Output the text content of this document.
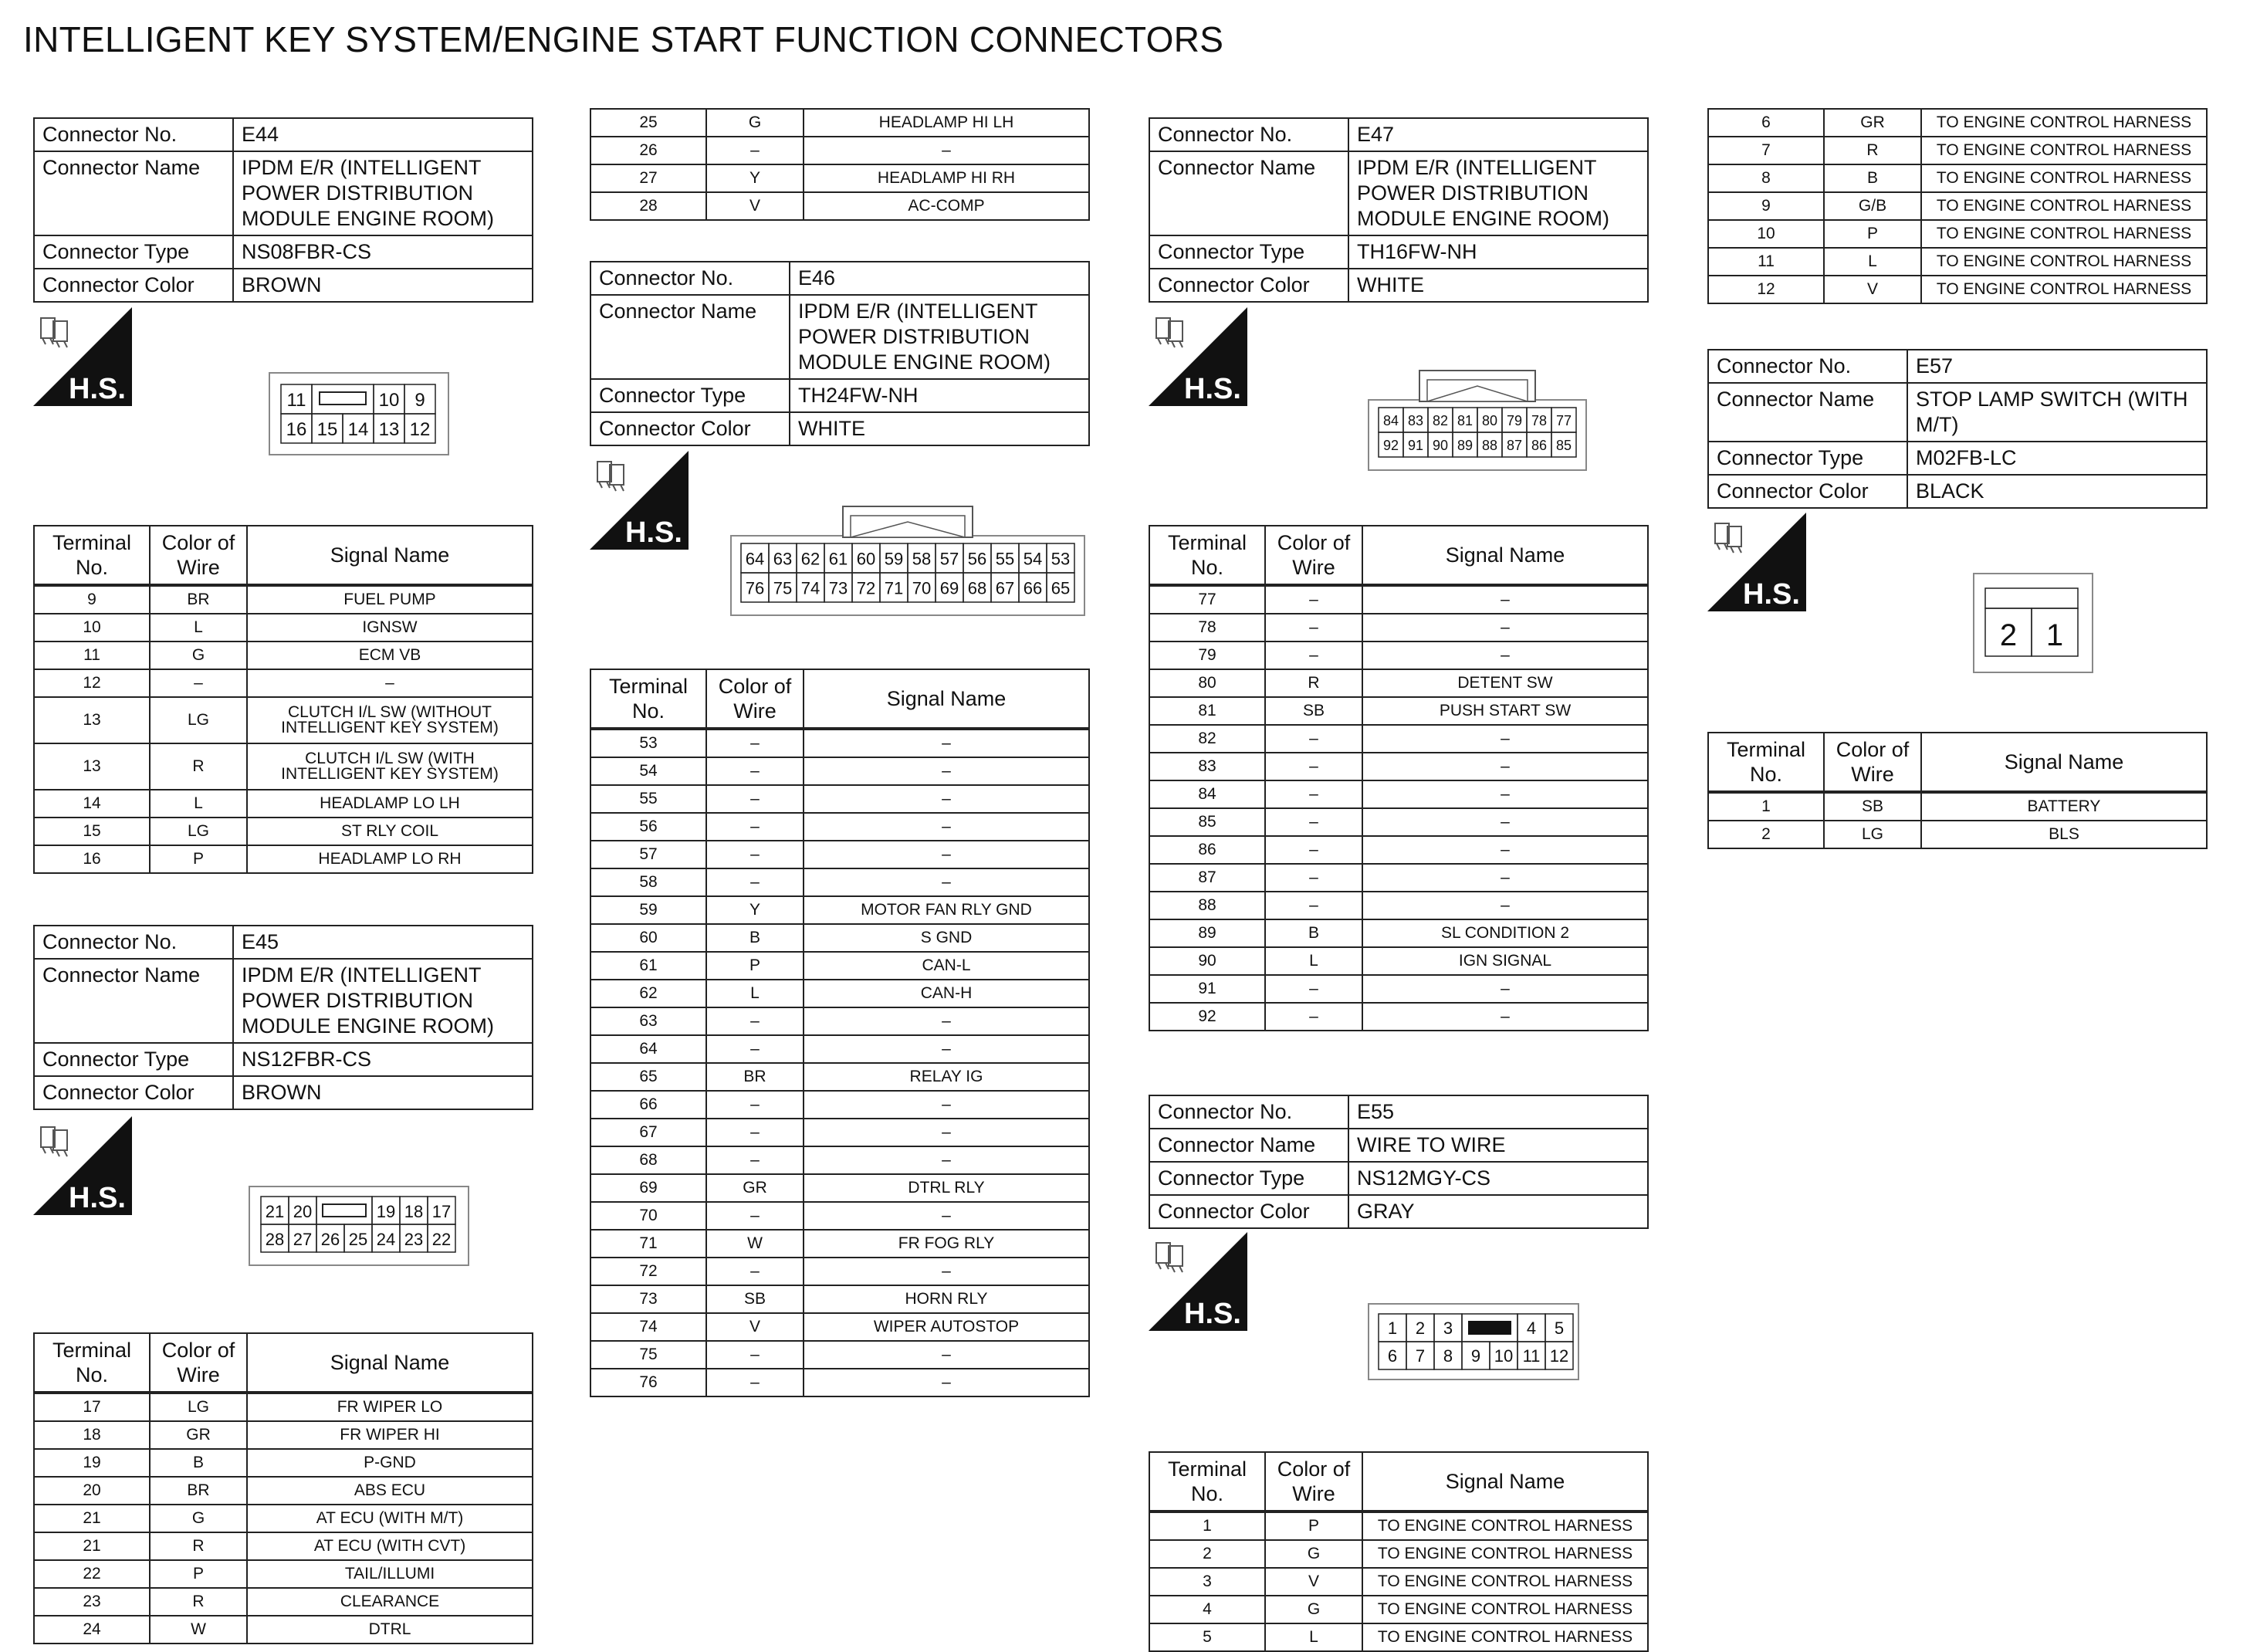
INTELLIGENT KEY SYSTEM/ENGINE START FUNCTION CONNECTORS
Connector No.	E44
Connector Name	IPDM E/R (INTELLIGENT POWER DISTRIBUTION MODULE ENGINE ROOM)
Connector Type	NS08FBR-CS
Connector Color	BROWN
H.S.	11	10 9
16 15 14 13 12
Terminal No.	Color of Wire	Signal Name
9	BR	FUEL PUMP
10	L	IGNSW
11	G	ECM VB
12	–	–
13	LG	CLUTCH I/L SW (WITHOUT INTELLIGENT KEY SYSTEM)
13	R	CLUTCH I/L SW (WITH INTELLIGENT KEY SYSTEM)
14	L	HEADLAMP LO LH
15	LG	ST RLY COIL
16	P	HEADLAMP LO RH
Connector No.	E45
Connector Name	IPDM E/R (INTELLIGENT POWER DISTRIBUTION MODULE ENGINE ROOM)
Connector Type	NS12FBR-CS
Connector Color	BROWN
H.S.	21 20	19 18 17
28 27 26 25 24 23 22
Terminal No.	Color of Wire	Signal Name
17	LG	FR WIPER LO
18	GR	FR WIPER HI
19	B	P-GND
20	BR	ABS ECU
21	G	AT ECU (WITH M/T)
21	R	AT ECU (WITH CVT)
22	P	TAIL/ILLUMI
23	R	CLEARANCE
24	W	DTRL
25	G	HEADLAMP HI LH
26	–	–
27	Y	HEADLAMP HI RH
28	V	AC-COMP
Connector No.	E46
Connector Name	IPDM E/R (INTELLIGENT POWER DISTRIBUTION MODULE ENGINE ROOM)
Connector Type	TH24FW-NH
Connector Color	WHITE
H.S.
64 63 62 61 60 59 58 57 56 55 54 53
76 75 74 73 72 71 70 69 68 67 66 65
Terminal No.	Color of Wire	Signal Name
53	–	–
54	–	–
55	–	–
56	–	–
57	–	–
58	–	–
59	Y	MOTOR FAN RLY GND
60	B	S GND
61	P	CAN-L
62	L	CAN-H
63	–	–
64	–	–
65	BR	RELAY IG
66	–	–
67	–	–
68	–	–
69	GR	DTRL RLY
70	–	–
71	W	FR FOG RLY
72	–	–
73	SB	HORN RLY
74	V	WIPER AUTOSTOP
75	–	–
76	–	–
Connector No.	E47
Connector Name	IPDM E/R (INTELLIGENT POWER DISTRIBUTION MODULE ENGINE ROOM)
Connector Type	TH16FW-NH
Connector Color	WHITE
H.S.
84 83 82 81 80 79 78 77
92 91 90 89 88 87 86 85
Terminal No.	Color of Wire	Signal Name
77	–	–
78	–	–
79	–	–
80	R	DETENT SW
81	SB	PUSH START SW
82	–	–
83	–	–
84	–	–
85	–	–
86	–	–
87	–	–
88	–	–
89	B	SL CONDITION 2
90	L	IGN SIGNAL
91	–	–
92	–	–
Connector No.	E55
Connector Name	WIRE TO WIRE
Connector Type	NS12MGY-CS
Connector Color	GRAY
H.S.	1 2 3	4 5
6 7 8 9 10 11 12
Terminal No.	Color of Wire	Signal Name
1	P	TO ENGINE CONTROL HARNESS
2	G	TO ENGINE CONTROL HARNESS
3	V	TO ENGINE CONTROL HARNESS
4	G	TO ENGINE CONTROL HARNESS
5	L	TO ENGINE CONTROL HARNESS
6	GR	TO ENGINE CONTROL HARNESS
7	R	TO ENGINE CONTROL HARNESS
8	B	TO ENGINE CONTROL HARNESS
9	G/B	TO ENGINE CONTROL HARNESS
10	P	TO ENGINE CONTROL HARNESS
11	L	TO ENGINE CONTROL HARNESS
12	V	TO ENGINE CONTROL HARNESS
Connector No.	E57
Connector Name	STOP LAMP SWITCH (WITH M/T)
Connector Type	M02FB-LC
Connector Color	BLACK
H.S.
2 1
Terminal No.	Color of Wire	Signal Name
1	SB	BATTERY
2	LG	BLS
